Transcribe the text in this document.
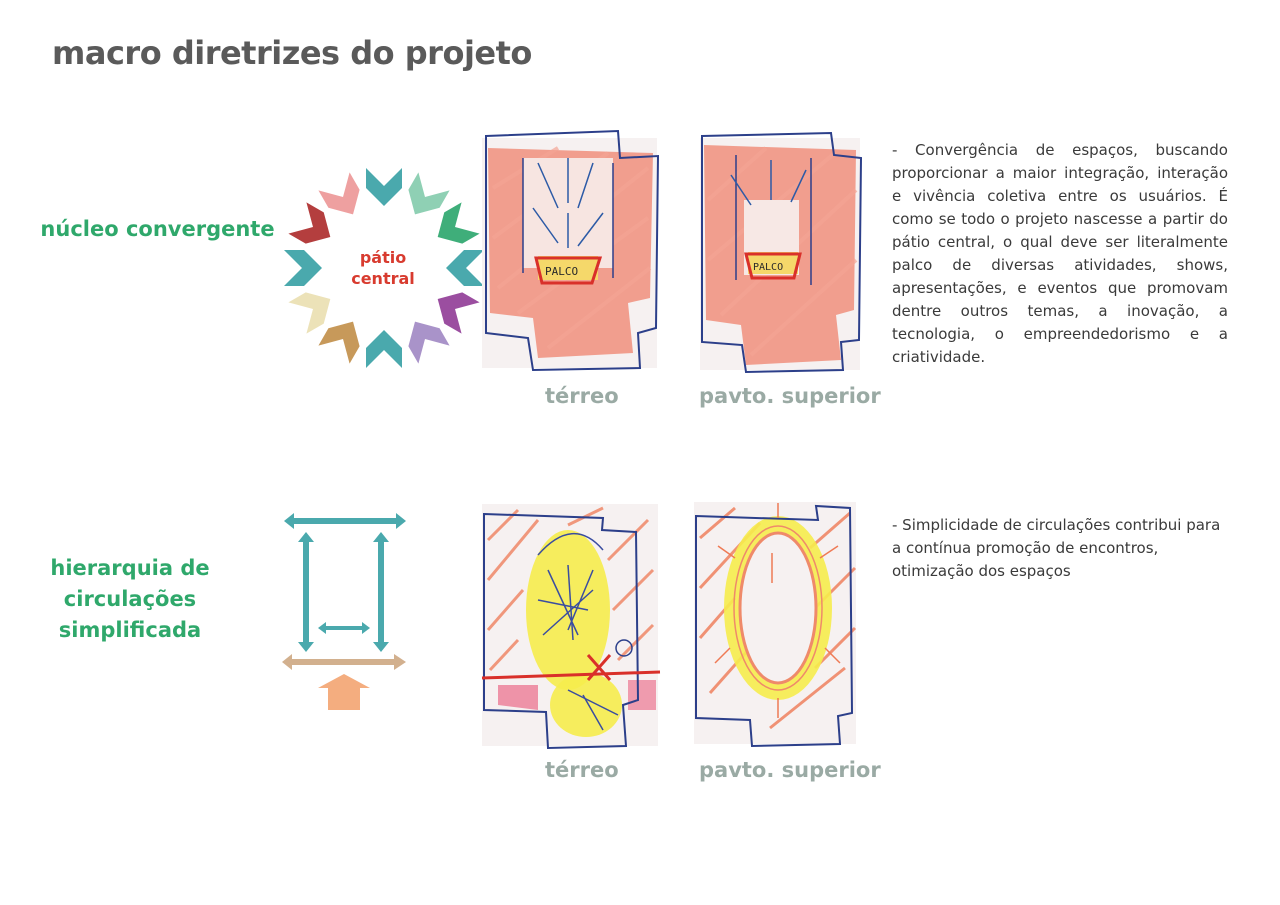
macro diretrizes do projeto
núcleo convergente
pátio central	PALCO	PALCO
térreo	pavto. superior
- Convergência de espaços, buscando proporcionar a maior integração, interação e vivência coletiva entre os usuários. É como se todo o projeto nascesse a partir do pátio central, o qual deve ser literalmente palco de diversas atividades, shows, apresentações, e eventos que promovam dentre outros temas, a inovação, a tecnologia, o empreendedorismo e a criatividade.
hierarquia de circulações simplificada
térreo	pavto. superior
- Simplicidade de circulações contribui para a contínua promoção de encontros, otimização dos espaços
